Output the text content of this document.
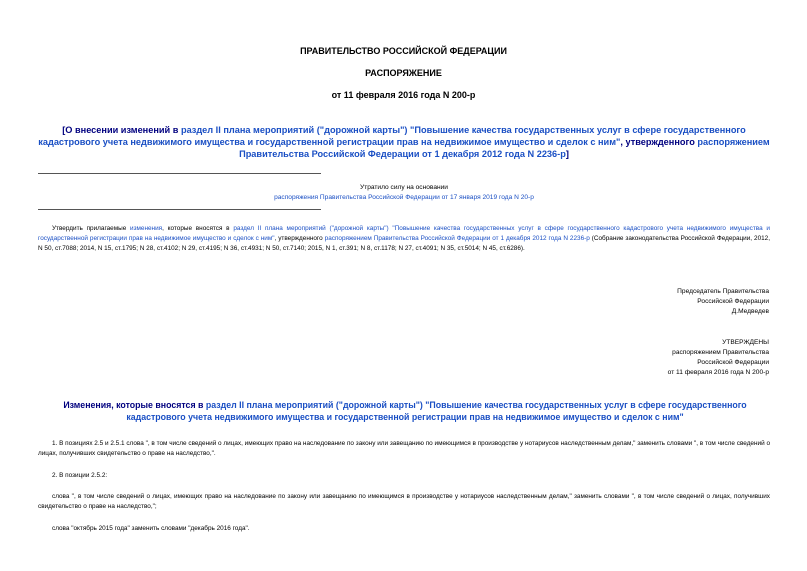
ПРАВИТЕЛЬСТВО РОССИЙСКОЙ ФЕДЕРАЦИИ
РАСПОРЯЖЕНИЕ
от 11 февраля 2016 года N 200-р
[О внесении изменений в раздел II плана мероприятий ("дорожной карты") "Повышение качества государственных услуг в сфере государственного кадастрового учета недвижимого имущества и государственной регистрации прав на недвижимое имущество и сделок с ним", утвержденного распоряжением Правительства Российской Федерации от 1 декабря 2012 года N 2236-р]
Утратило силу на основании
распоряжения Правительства Российской Федерации от 17 января 2019 года N 20-р
Утвердить прилагаемые изменения, которые вносятся в раздел II плана мероприятий ("дорожной карты") "Повышение качества государственных услуг в сфере государственного кадастрового учета недвижимого имущества и государственной регистрации прав на недвижимое имущество и сделок с ним", утвержденного распоряжением Правительства Российской Федерации от 1 декабря 2012 года N 2236-р (Собрание законодательства Российской Федерации, 2012, N 50, ст.7088; 2014, N 15, ст.1795; N 28, ст.4102; N 29, ст.4195; N 36, ст.4931; N 50, ст.7140; 2015, N 1, ст.391; N 8, ст.1178; N 27, ст.4091; N 35, ст.5014; N 45, ст.6286).
Председатель Правительства
Российской Федерации
Д.Медведев
УТВЕРЖДЕНЫ
распоряжением Правительства
Российской Федерации
от 11 февраля 2016 года N 200-р
Изменения, которые вносятся в раздел II плана мероприятий ("дорожной карты") "Повышение качества государственных услуг в сфере государственного кадастрового учета недвижимого имущества и государственной регистрации прав на недвижимое имущество и сделок с ним"
1. В позициях 2.5 и 2.5.1 слова ", в том числе сведений о лицах, имеющих право на наследование по закону или завещанию по имеющимся в производстве у нотариусов наследственным делам," заменить словами ", в том числе сведений о лицах, получивших свидетельство о праве на наследство,".
2. В позиции 2.5.2:
слова ", в том числе сведений о лицах, имеющих право на наследование по закону или завещанию по имеющимся в производстве у нотариусов наследственным делам," заменить словами ", в том числе сведений о лицах, получивших свидетельство о праве на наследство,";
слова "октябрь 2015 года" заменить словами "декабрь 2016 года".
